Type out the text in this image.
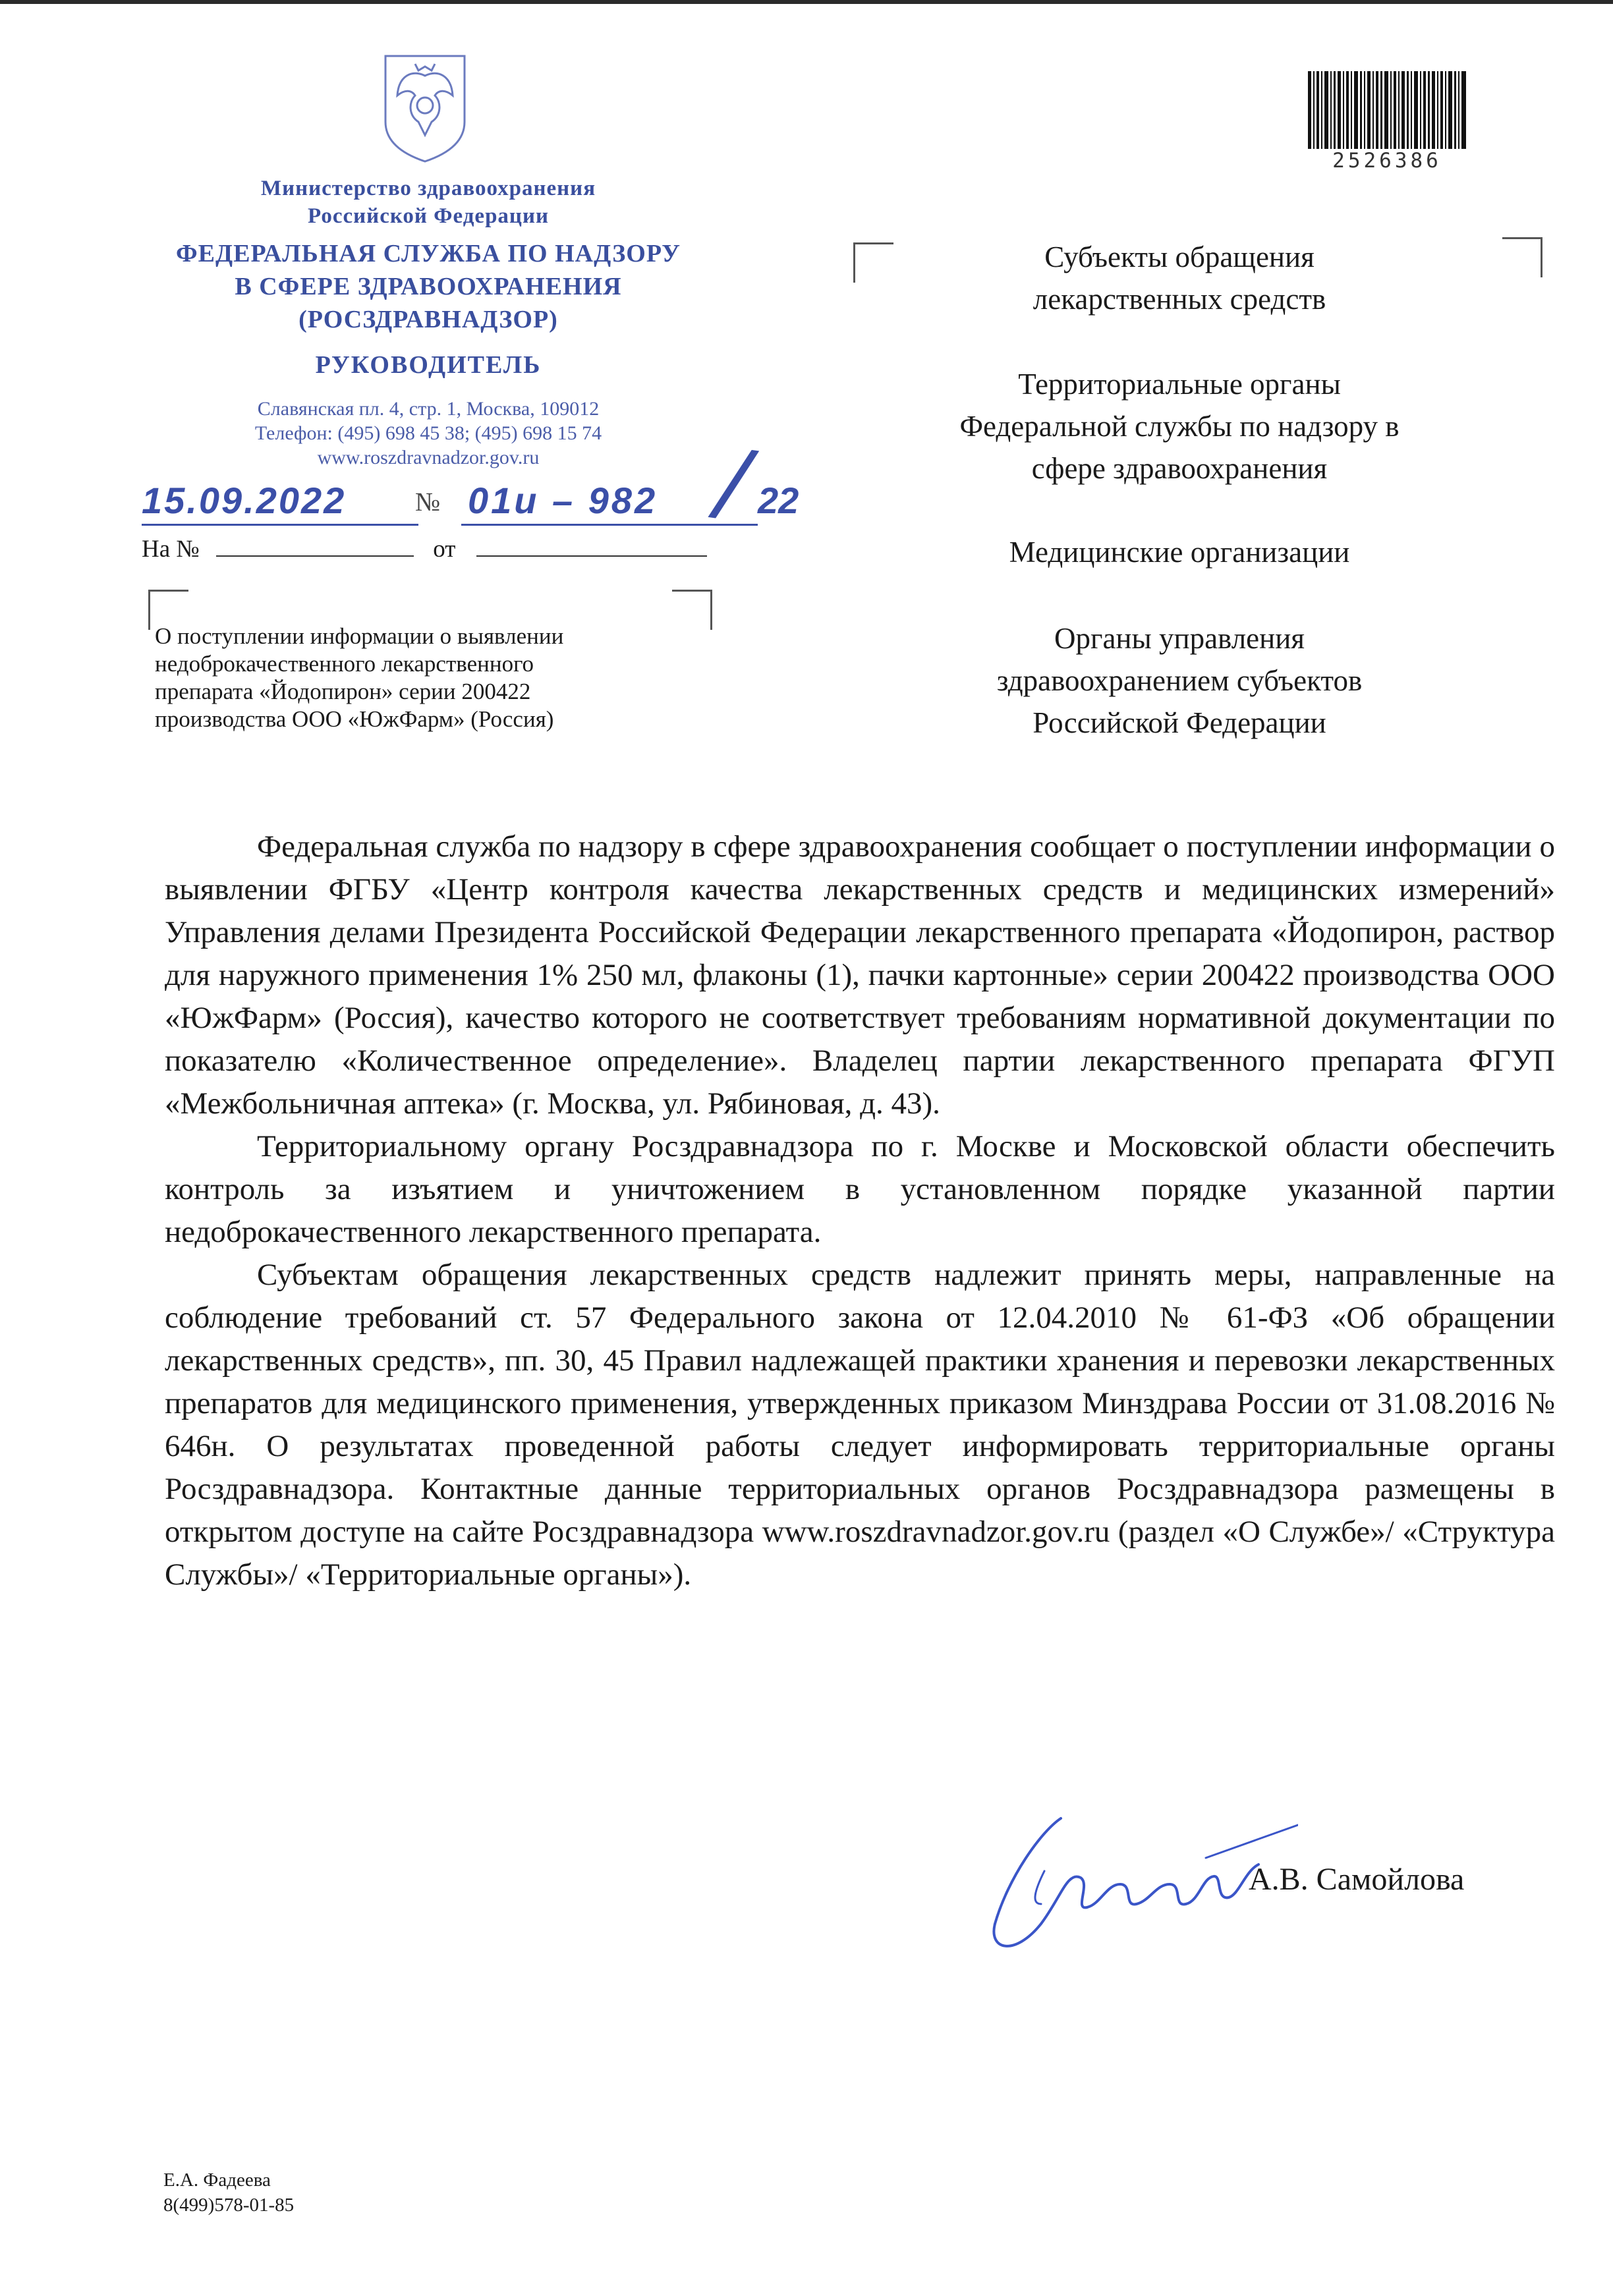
Министерство здравоохранения
Российской Федерации
ФЕДЕРАЛЬНАЯ СЛУЖБА ПО НАДЗОРУ
В СФЕРЕ ЗДРАВООХРАНЕНИЯ
(РОСЗДРАВНАДЗОР)
РУКОВОДИТЕЛЬ
Славянская пл. 4, стр. 1, Москва, 109012
Телефон: (495) 698 45 38; (495) 698 15 74
www.roszdravnadzor.gov.ru
15.09.2022	№ 01и – 982 / 22
На №	от
О поступлении информации о выявлении
недоброкачественного лекарственного
препарата «Йодопирон» серии 200422
производства ООО «ЮжФарм» (Россия)
2526386
Субъекты обращения
лекарственных средств
Территориальные органы
Федеральной службы по надзору в
сфере здравоохранения
Медицинские организации
Органы управления
здравоохранением субъектов
Российской Федерации

Федеральная служба по надзору в сфере здравоохранения сообщает о поступлении информации о выявлении ФГБУ «Центр контроля качества лекарственных средств и медицинских измерений» Управления делами Президента Российской Федерации лекарственного препарата «Йодопирон, раствор для наружного применения 1% 250 мл, флаконы (1), пачки картонные» серии 200422 производства ООО «ЮжФарм» (Россия), качество которого не соответствует требованиям нормативной документации по показателю «Количественное определение». Владелец партии лекарственного препарата ФГУП «Межбольничная аптека» (г. Москва, ул. Рябиновая, д. 43).

Территориальному органу Росздравнадзора по г. Москве и Московской области обеспечить контроль за изъятием и уничтожением в установленном порядке указанной партии недоброкачественного лекарственного препарата.

Субъектам обращения лекарственных средств надлежит принять меры, направленные на соблюдение требований ст. 57 Федерального закона от 12.04.2010 № 61-ФЗ «Об обращении лекарственных средств», пп. 30, 45 Правил надлежащей практики хранения и перевозки лекарственных препаратов для медицинского применения, утвержденных приказом Минздрава России от 31.08.2016 № 646н. О результатах проведенной работы следует информировать территориальные органы Росздравнадзора. Контактные данные территориальных органов Росздравнадзора размещены в открытом доступе на сайте Росздравнадзора www.roszdravnadzor.gov.ru (раздел «О Службе»/ «Структура Службы»/ «Территориальные органы»).

А.В. Самойлова
Е.А. Фадеева
8(499)578-01-85
